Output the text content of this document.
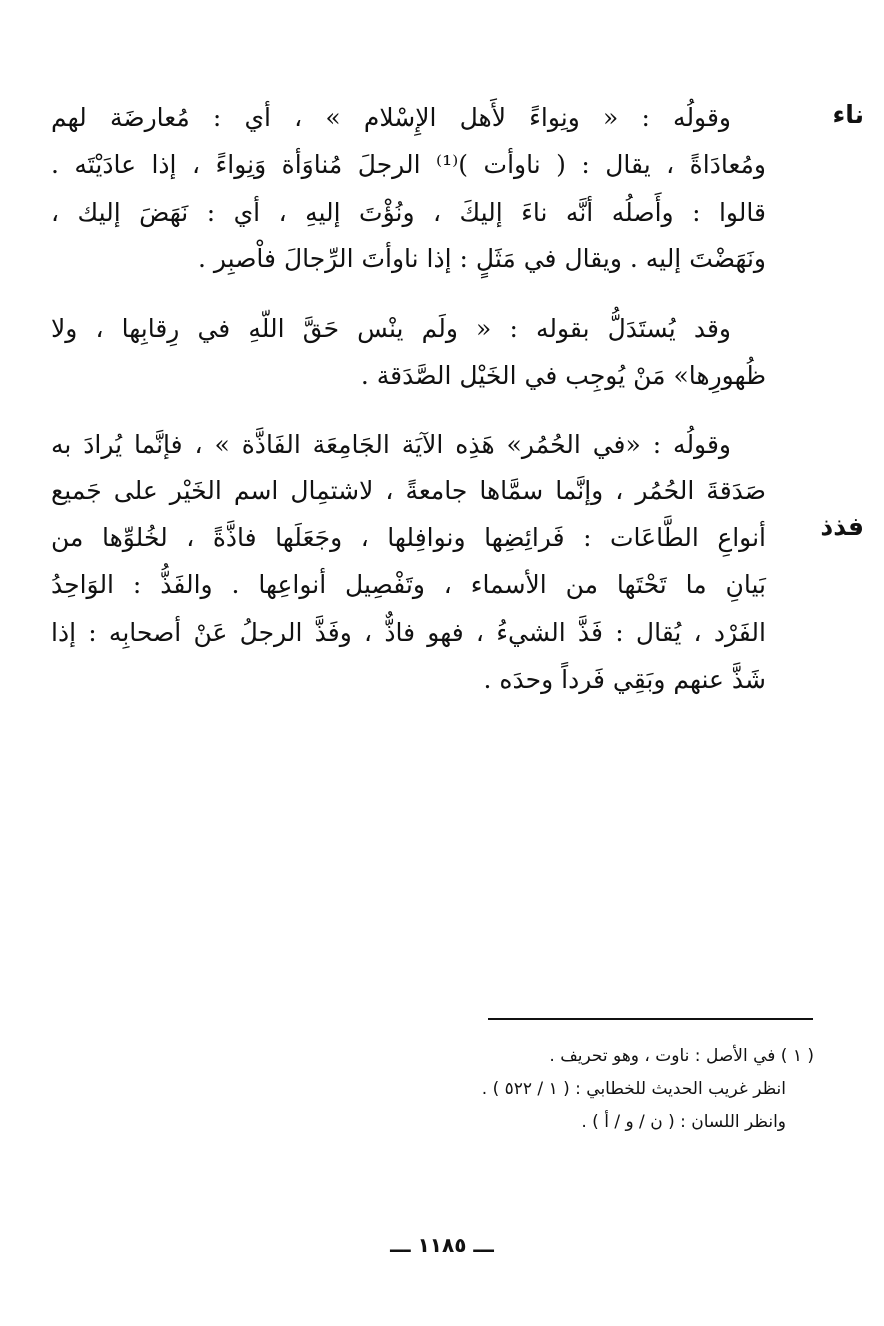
ناء
فذذ
وقولُه : « ونِواءً لأَهل الإِسْلام » ، أي : مُعارضَة لهم
ومُعادَاةً ، يقال : ( ناوأت )⁽¹⁾ الرجلَ مُناوَأة وَنِواءً ، إذا عادَيْتَه .
قالوا : وأَصلُه أنَّه ناءَ إليكَ ، ونُؤْتَ إليهِ ، أي : نَهَضَ إليك ،
ونَهَضْتَ إليه . ويقال في مَثَلٍ : إذا ناوأتَ الرِّجالَ فاْصبِر .
وقد يُستَدَلُّ بقوله : « ولَم ينْس حَقَّ اللّهِ في رِقابِها ، ولا
ظُهورِها» مَنْ يُوجِب في الخَيْل الصَّدَقة .
وقولُه : «في الحُمُر» هَذِه الآيَة الجَامِعَة الفَاذَّة » ، فإنَّما يُرادَ به
صَدَقةَ الحُمُر ، وإنَّما سمَّاها جامعةً ، لاشتمِال اسم الخَيْر على جَميع
أنواعِ الطَّاعَات : فَرائِضِها ونوافِلها ، وجَعَلَها فاذَّةً ، لخُلوِّها من
بَيانِ ما تَحْتَها من الأسماء ، وتَفْصِيل أنواعِها . والفَذُّ : الوَاحِدُ
الفَرْد ، يُقال : فَذَّ الشيءُ ، فهو فاذٌّ ، وفَذَّ الرجلُ عَنْ أصحابِه : إذا
شَذَّ عنهم وبَقِي فَرداً وحدَه .
( ١ ) في الأصل : ناوت ، وهو تحريف .
انظر غريب الحديث للخطابي : ( ١ / ٥٢٢ ) .
وانظر اللسان : ( ن / و / أ ) .
ـــ ١١٨٥ ـــ
